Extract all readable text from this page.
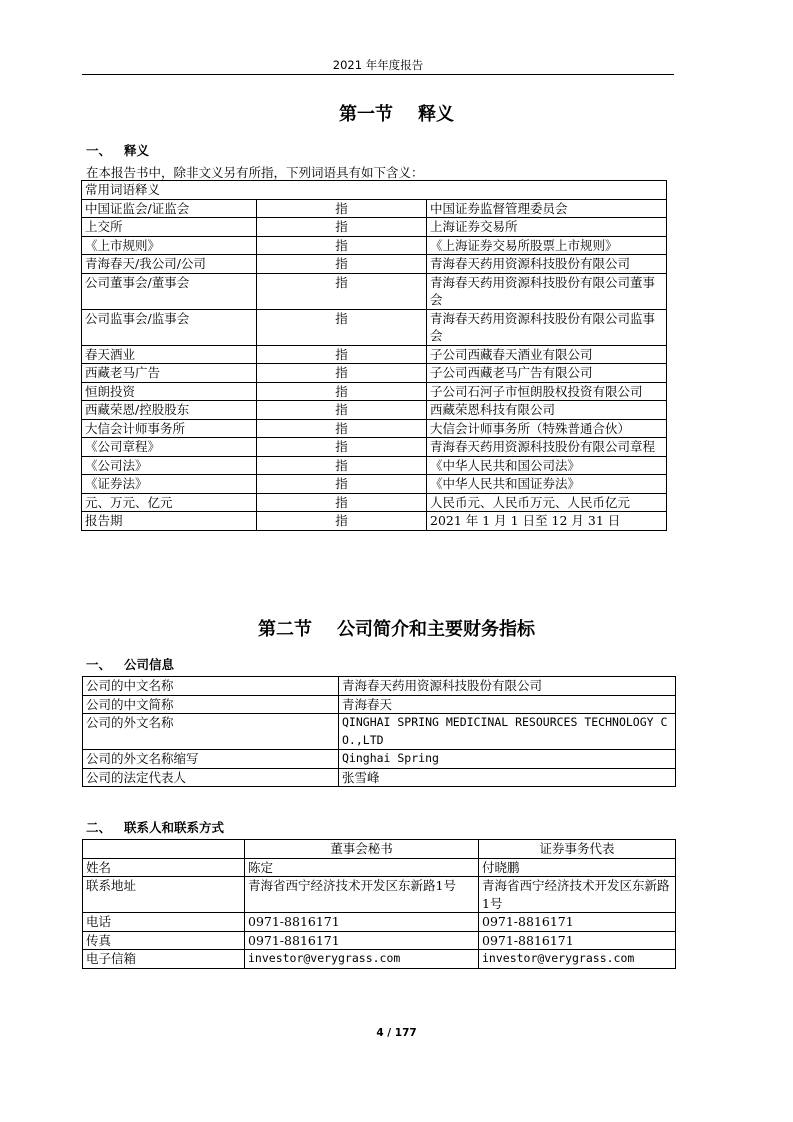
2021 年年度报告
第一节    释义
一、   释义
在本报告书中，除非文义另有所指，下列词语具有如下含义：
常用词语释义		
中国证监会/证监会	指	中国证券监督管理委员会
上交所	指	上海证券交易所
《上市规则》	指	《上海证券交易所股票上市规则》
青海春天/我公司/公司	指	青海春天药用资源科技股份有限公司
公司董事会/董事会	指	青海春天药用资源科技股份有限公司董事会
公司监事会/监事会	指	青海春天药用资源科技股份有限公司监事会
春天酒业	指	子公司西藏春天酒业有限公司
西藏老马广告	指	子公司西藏老马广告有限公司
恒朗投资	指	子公司石河子市恒朗股权投资有限公司
西藏荣恩/控股股东	指	西藏荣恩科技有限公司
大信会计师事务所	指	大信会计师事务所（特殊普通合伙）
《公司章程》	指	青海春天药用资源科技股份有限公司章程
《公司法》	指	《中华人民共和国公司法》
《证券法》	指	《中华人民共和国证券法》
元、万元、亿元	指	人民币元、人民币万元、人民币亿元
报告期	指	2021 年 1 月 1 日至 12 月 31 日
第二节    公司简介和主要财务指标
一、   公司信息
公司的中文名称	青海春天药用资源科技股份有限公司
公司的中文简称	青海春天
公司的外文名称	QINGHAI SPRING MEDICINAL RESOURCES TECHNOLOGY CO.,LTD
公司的外文名称缩写	Qinghai Spring
公司的法定代表人	张雪峰
二、   联系人和联系方式
	董事会秘书	证券事务代表
姓名	陈定	付晓鹏
联系地址	青海省西宁经济技术开发区东新路1号	青海省西宁经济技术开发区东新路1号
电话	0971-8816171	0971-8816171
传真	0971-8816171	0971-8816171
电子信箱	investor@verygrass.com	investor@verygrass.com
4 / 177
